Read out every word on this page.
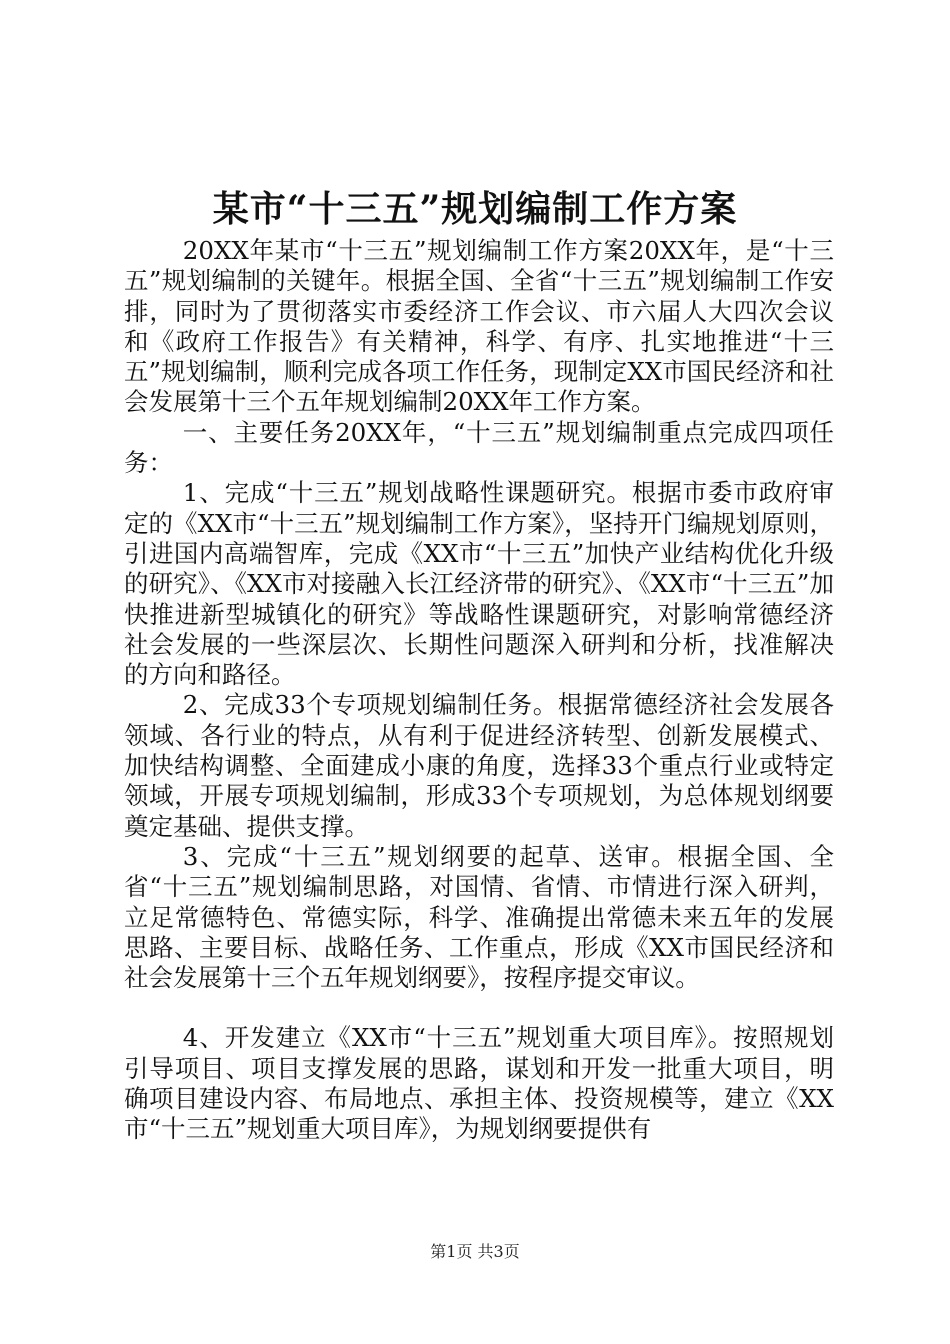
某市“十三五”规划编制工作方案

20XX年某市“十三五”规划编制工作方案20XX年，是“十三五”规划编制的关键年。根据全国、全省“十三五”规划编制工作安排，同时为了贯彻落实市委经济工作会议、市六届人大四次会议和《政府工作报告》有关精神，科学、有序、扎实地推进“十三五”规划编制，顺利完成各项工作任务，现制定XX市国民经济和社会发展第十三个五年规划编制20XX年工作方案。

一、主要任务20XX年，“十三五”规划编制重点完成四项任务：

1、完成“十三五”规划战略性课题研究。根据市委市政府审定的《XX市“十三五”规划编制工作方案》，坚持开门编规划原则，引进国内高端智库，完成《XX市“十三五”加快产业结构优化升级的研究》、《XX市对接融入长江经济带的研究》、《XX市“十三五”加快推进新型城镇化的研究》等战略性课题研究，对影响常德经济社会发展的一些深层次、长期性问题深入研判和分析，找准解决的方向和路径。

2、完成33个专项规划编制任务。根据常德经济社会发展各领域、各行业的特点，从有利于促进经济转型、创新发展模式、加快结构调整、全面建成小康的角度，选择33个重点行业或特定领域，开展专项规划编制，形成33个专项规划，为总体规划纲要奠定基础、提供支撑。

3、完成“十三五”规划纲要的起草、送审。根据全国、全省“十三五”规划编制思路，对国情、省情、市情进行深入研判，立足常德特色、常德实际，科学、准确提出常德未来五年的发展思路、主要目标、战略任务、工作重点，形成《XX市国民经济和社会发展第十三个五年规划纲要》，按程序提交审议。

4、开发建立《XX市“十三五”规划重大项目库》。按照规划引导项目、项目支撑发展的思路，谋划和开发一批重大项目，明确项目建设内容、布局地点、承担主体、投资规模等，建立《XX市“十三五”规划重大项目库》，为规划纲要提供有

第1页 共3页
